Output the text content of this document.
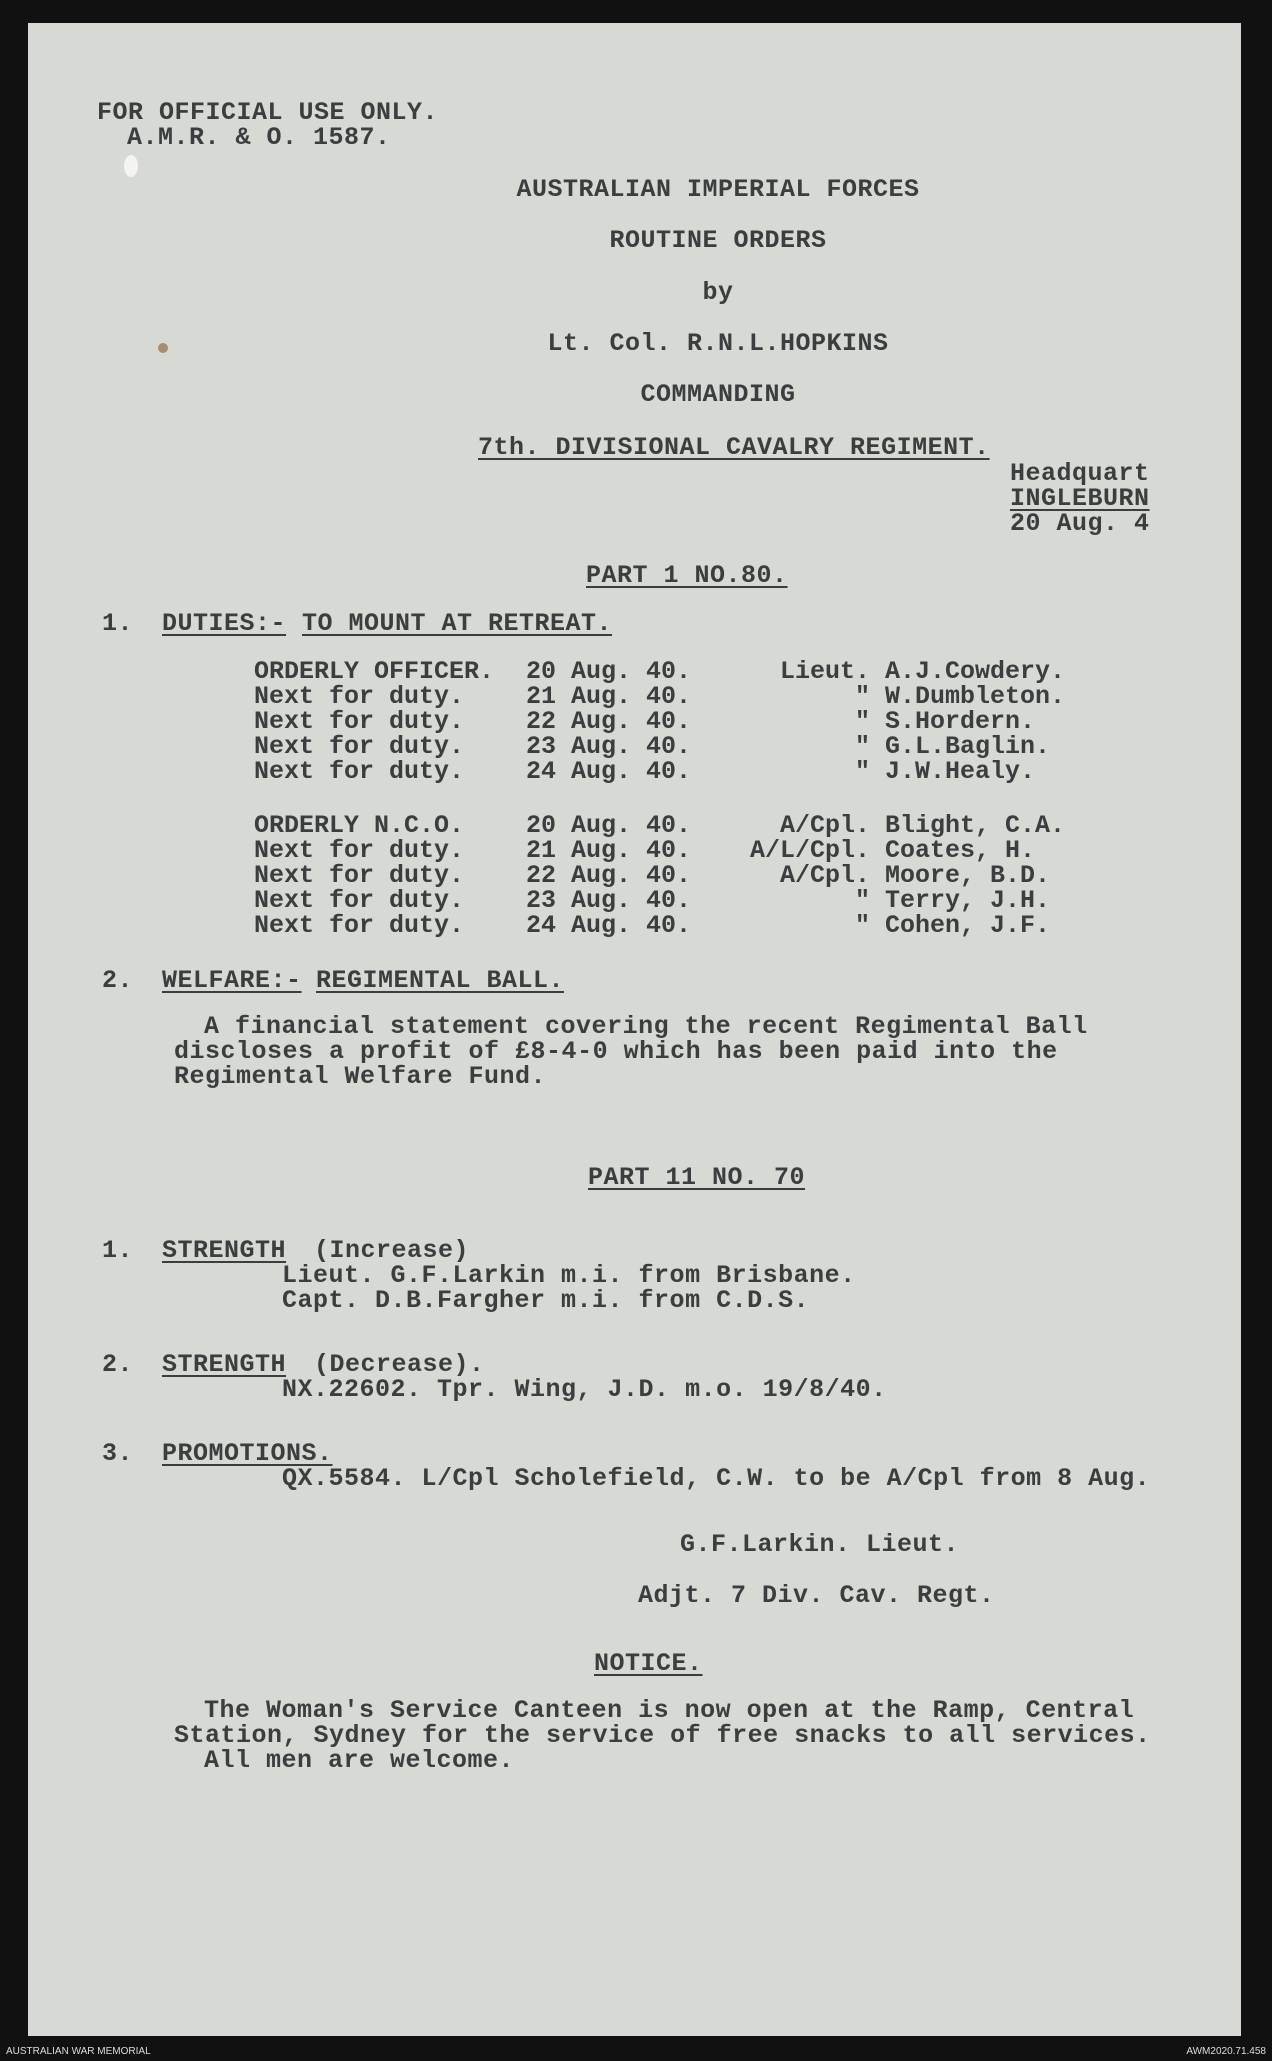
FOR OFFICIAL USE ONLY.
A.M.R. & O. 1587.
AUSTRALIAN IMPERIAL FORCES
ROUTINE ORDERS
by
Lt. Col. R.N.L.HOPKINS
COMMANDING
7th. DIVISIONAL CAVALRY REGIMENT.
Headquart
INGLEBURN
20 Aug. 4
PART 1 NO.80.
1. DUTIES:- TO MOUNT AT RETREAT.
ORDERLY OFFICER. 20 Aug. 40.	Lieut. A.J.Cowdery.
Next for duty. 21 Aug. 40.	" W.Dumbleton.
Next for duty. 22 Aug. 40.	" S.Hordern.
Next for duty. 23 Aug. 40.	" G.L.Baglin.
Next for duty. 24 Aug. 40.	" J.W.Healy.
ORDERLY N.C.O. 20 Aug. 40.	A/Cpl. Blight, C.A.
Next for duty. 21 Aug. 40. A/L/Cpl. Coates, H.
Next for duty. 22 Aug. 40.	A/Cpl. Moore, B.D.
Next for duty. 23 Aug. 40.	" Terry, J.H.
Next for duty. 24 Aug. 40.	" Cohen, J.F.
2. WELFARE:- REGIMENTAL BALL.
A financial statement covering the recent Regimental Ball
discloses a profit of £8-4-0 which has been paid into the
Regimental Welfare Fund.
PART 11 NO. 70
1. STRENGTH (Increase)
Lieut. G.F.Larkin m.i. from Brisbane.
Capt. D.B.Fargher m.i. from C.D.S.
2. STRENGTH (Decrease).
NX.22602. Tpr. Wing, J.D. m.o. 19/8/40.
3. PROMOTIONS.
QX.5584. L/Cpl Scholefield, C.W. to be A/Cpl from 8 Aug.
G.F.Larkin. Lieut.
Adjt. 7 Div. Cav. Regt.
NOTICE.
The Woman's Service Canteen is now open at the Ramp, Central
Station, Sydney for the service of free snacks to all services.
All men are welcome.
AUSTRALIAN WAR MEMORIAL	AWM2020.71.458
